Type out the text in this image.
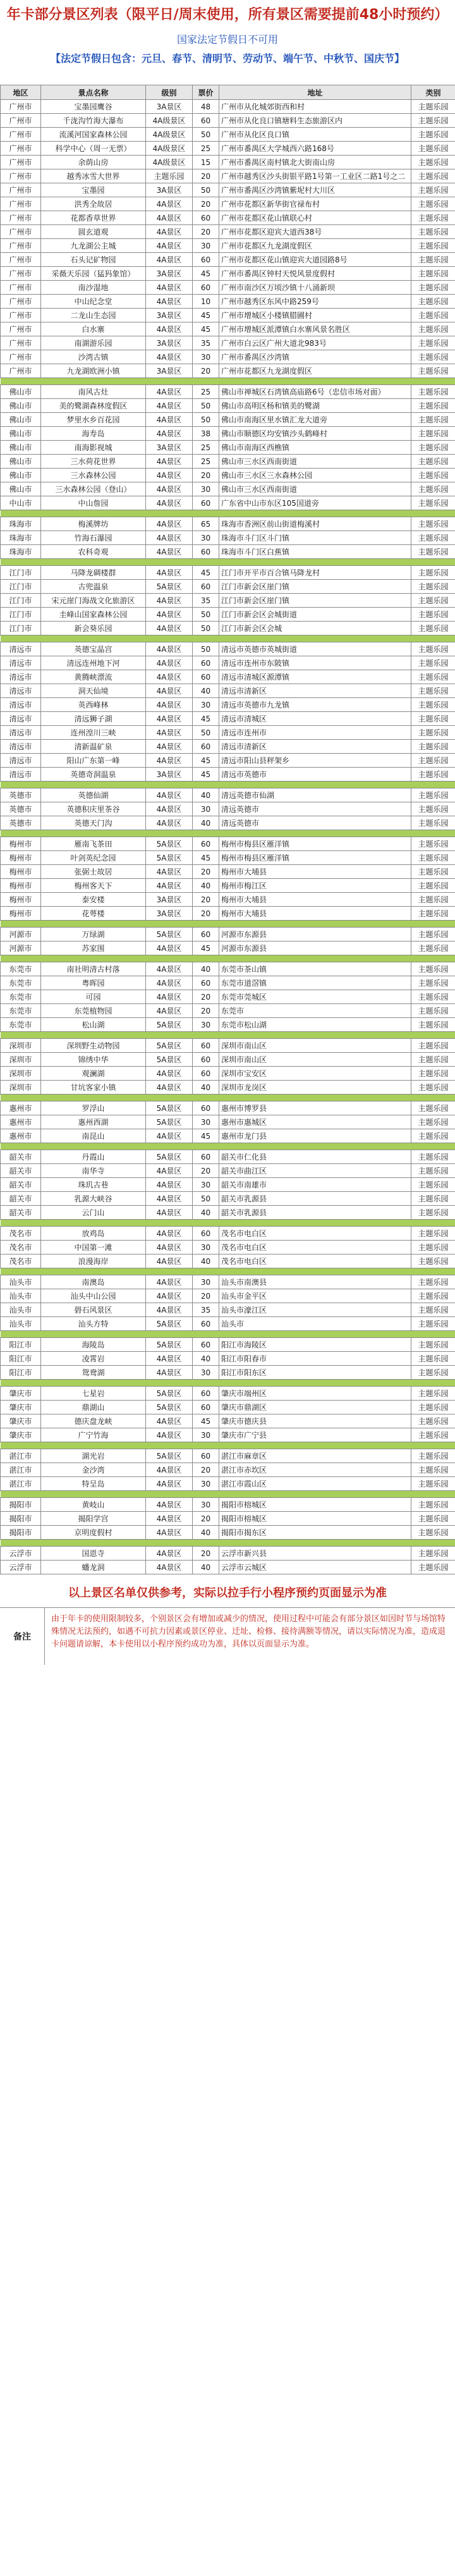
年卡部分景区列表（限平日/周末使用，所有景区需要提前48小时预约）
国家法定节假日不可用
【法定节假日包含：元旦、春节、清明节、劳动节、端午节、中秋节、国庆节】
地区	景点名称	级别	票价	地址	类别
广州市	宝墨园鹰谷	3A景区	48	广州市从化城郊街西和村	主题乐园
广州市	千泷沟竹海大瀑布	4A级景区	60	广州市从化良口镇塘料生态旅游区内	主题乐园
广州市	流溪河国家森林公园	4A级景区	50	广州市从化区良口镇	主题乐园
广州市	科学中心（周一无票）	4A级景区	25	广州市番禺区大学城西六路168号	主题乐园
广州市	余荫山房	4A级景区	15	广州市番禺区南村镇北大街南山房	主题乐园
广州市	越秀冰雪大世界	主题乐园	20	广州市越秀区沙头街银平路1号第一工业区二路1号之二	主题乐园
广州市	宝墨园	3A景区	50	广州市番禺区沙湾镇紫坭村大川区	主题乐园
广州市	洪秀全故居	4A景区	20	广州市花都区新华街官禄布村	主题乐园
广州市	花都香草世界	4A景区	60	广州市花都区花山镇联心村	主题乐园
广州市	圆玄道观	4A景区	20	广州市花都区迎宾大道西38号	主题乐园
广州市	九龙湖公主城	4A景区	30	广州市花都区九龙湖度假区	主题乐园
广州市	石头记矿物园	4A景区	60	广州市花都区花山镇迎宾大道园路8号	主题乐园
广州市	采薇天乐园（猛犸象馆）	3A景区	45	广州市番禺区钟村天悦风景度假村	主题乐园
广州市	南沙湿地	4A景区	60	广州市南沙区万顷沙镇十八涌新坝	主题乐园
广州市	中山纪念堂	4A景区	10	广州市越秀区东风中路259号	主题乐园
广州市	二龙山生态园	3A景区	45	广州市增城区小楼镇腊圃村	主题乐园
广州市	白水寨	4A景区	45	广州市增城区派潭镇白水寨风景名胜区	主题乐园
广州市	南湖游乐园	3A景区	35	广州市白云区广州大道北983号	主题乐园
广州市	沙湾古镇	4A景区	30	广州市番禺区沙湾镇	主题乐园
广州市	九龙湖欧洲小镇	3A景区	20	广州市花都区九龙湖度假区	主题乐园

佛山市	南风古灶	4A景区	25	佛山市禅城区石湾镇高庙路6号（忠信市场对面）	主题乐园
佛山市	美的鹭湖森林度假区	4A景区	50	佛山市高明区杨和镇美的鹭湖	主题乐园
佛山市	梦里水乡百花园	4A景区	50	佛山市南海区里水镇汇龙大道旁	主题乐园
佛山市	海寿岛	4A景区	38	佛山市顺德区均安镇沙头鹤峰村	主题乐园
佛山市	南海影视城	3A景区	25	佛山市南海区西樵镇	主题乐园
佛山市	三水荷花世界	4A景区	25	佛山市三水区西南街道	主题乐园
佛山市	三水森林公园	4A景区	20	佛山市三水区三水森林公园	主题乐园
佛山市	三水森林公园（登山）	4A景区	30	佛山市三水区西南街道	主题乐园
中山市	中山詹园	4A景区	60	广东省中山市东区105国道旁	主题乐园

珠海市	梅溪牌坊	4A景区	65	珠海市香洲区前山街道梅溪村	主题乐园
珠海市	竹海石瀑园	4A景区	30	珠海市斗门区斗门镇	主题乐园
珠海市	农科奇观	4A景区	60	珠海市斗门区白蕉镇	主题乐园

江门市	马降龙碉楼群	4A景区	45	江门市开平市百合镇马降龙村	主题乐园
江门市	古兜温泉	5A景区	60	江门市新会区崖门镇	主题乐园
江门市	宋元崖门海战文化旅游区	4A景区	35	江门市新会区崖门镇	主题乐园
江门市	圭峰山国家森林公园	4A景区	50	江门市新会区会城街道	主题乐园
江门市	新会葵乐园	4A景区	50	江门市新会区会城	主题乐园

清远市	英德宝晶宫	4A景区	50	清远市英德市英城街道	主题乐园
清远市	清远连州地下河	4A景区	60	清远市连州市东陂镇	主题乐园
清远市	黄腾峡漂流	4A景区	60	清远市清城区源潭镇	主题乐园
清远市	洞天仙境	4A景区	40	清远市清新区	主题乐园
清远市	英西峰林	4A景区	30	清远市英德市九龙镇	主题乐园
清远市	清远狮子湖	4A景区	45	清远市清城区	主题乐园
清远市	连州湟川三峡	4A景区	50	清远市连州市	主题乐园
清远市	清新温矿泉	4A景区	60	清远市清新区	主题乐园
清远市	阳山广东第一峰	4A景区	45	清远市阳山县秤架乡	主题乐园
清远市	英德奇洞温泉	3A景区	45	清远市英德市	主题乐园

英德市	英德仙湖	4A景区	40	清远英德市仙湖	主题乐园
英德市	英德积庆里茶谷	4A景区	30	清远英德市	主题乐园
英德市	英德天门沟	4A景区	40	清远英德市	主题乐园

梅州市	雁南飞茶田	5A景区	60	梅州市梅县区雁洋镇	主题乐园
梅州市	叶剑英纪念园	5A景区	45	梅州市梅县区雁洋镇	主题乐园
梅州市	张弼士故居	4A景区	20	梅州市大埔县	主题乐园
梅州市	梅州客天下	4A景区	40	梅州市梅江区	主题乐园
梅州市	泰安楼	3A景区	20	梅州市大埔县	主题乐园
梅州市	花萼楼	3A景区	20	梅州市大埔县	主题乐园

河源市	万绿湖	5A景区	60	河源市东源县	主题乐园
河源市	苏家围	4A景区	45	河源市东源县	主题乐园

东莞市	南社明清古村落	4A景区	40	东莞市茶山镇	主题乐园
东莞市	粤晖园	4A景区	60	东莞市道滘镇	主题乐园
东莞市	可园	4A景区	20	东莞市莞城区	主题乐园
东莞市	东莞植物园	4A景区	20	东莞市	主题乐园
东莞市	松山湖	5A景区	30	东莞市松山湖	主题乐园

深圳市	深圳野生动物园	5A景区	60	深圳市南山区	主题乐园
深圳市	锦绣中华	5A景区	60	深圳市南山区	主题乐园
深圳市	观澜湖	4A景区	60	深圳市宝安区	主题乐园
深圳市	甘坑客家小镇	4A景区	40	深圳市龙岗区	主题乐园

惠州市	罗浮山	5A景区	60	惠州市博罗县	主题乐园
惠州市	惠州西湖	5A景区	30	惠州市惠城区	主题乐园
惠州市	南昆山	4A景区	45	惠州市龙门县	主题乐园

韶关市	丹霞山	5A景区	60	韶关市仁化县	主题乐园
韶关市	南华寺	4A景区	20	韶关市曲江区	主题乐园
韶关市	珠玑古巷	4A景区	30	韶关市南雄市	主题乐园
韶关市	乳源大峡谷	4A景区	50	韶关市乳源县	主题乐园
韶关市	云门山	4A景区	40	韶关市乳源县	主题乐园

茂名市	放鸡岛	4A景区	60	茂名市电白区	主题乐园
茂名市	中国第一滩	4A景区	30	茂名市电白区	主题乐园
茂名市	浪漫海岸	4A景区	40	茂名市电白区	主题乐园

汕头市	南澳岛	4A景区	30	汕头市南澳县	主题乐园
汕头市	汕头中山公园	4A景区	20	汕头市金平区	主题乐园
汕头市	礐石风景区	4A景区	35	汕头市濠江区	主题乐园
汕头市	汕头方特	5A景区	60	汕头市	主题乐园

阳江市	海陵岛	5A景区	60	阳江市海陵区	主题乐园
阳江市	凌霄岩	4A景区	40	阳江市阳春市	主题乐园
阳江市	鸳鸯湖	4A景区	30	阳江市阳东区	主题乐园

肇庆市	七星岩	5A景区	60	肇庆市端州区	主题乐园
肇庆市	鼎湖山	5A景区	60	肇庆市鼎湖区	主题乐园
肇庆市	德庆盘龙峡	4A景区	45	肇庆市德庆县	主题乐园
肇庆市	广宁竹海	4A景区	30	肇庆市广宁县	主题乐园

湛江市	湖光岩	5A景区	60	湛江市麻章区	主题乐园
湛江市	金沙湾	4A景区	20	湛江市赤坎区	主题乐园
湛江市	特呈岛	4A景区	30	湛江市霞山区	主题乐园

揭阳市	黄岐山	4A景区	30	揭阳市榕城区	主题乐园
揭阳市	揭阳学宫	4A景区	20	揭阳市榕城区	主题乐园
揭阳市	京明度假村	4A景区	40	揭阳市揭东区	主题乐园

云浮市	国恩寺	4A景区	20	云浮市新兴县	主题乐园
云浮市	蟠龙洞	4A景区	40	云浮市云城区	主题乐园
以上景区名单仅供参考，实际以拉手行小程序预约页面显示为准
备注
由于年卡的使用限制较多，个别景区会有增加或减少的情况，使用过程中可能会有部分景区如因时节与场馆特殊情况无法预约，如遇不可抗力因素或景区停业、迁址、检修、接待满额等情况，请以实际情况为准，造成退卡问题请谅解，本卡使用以小程序预约成功为准，具体以页面显示为准。
